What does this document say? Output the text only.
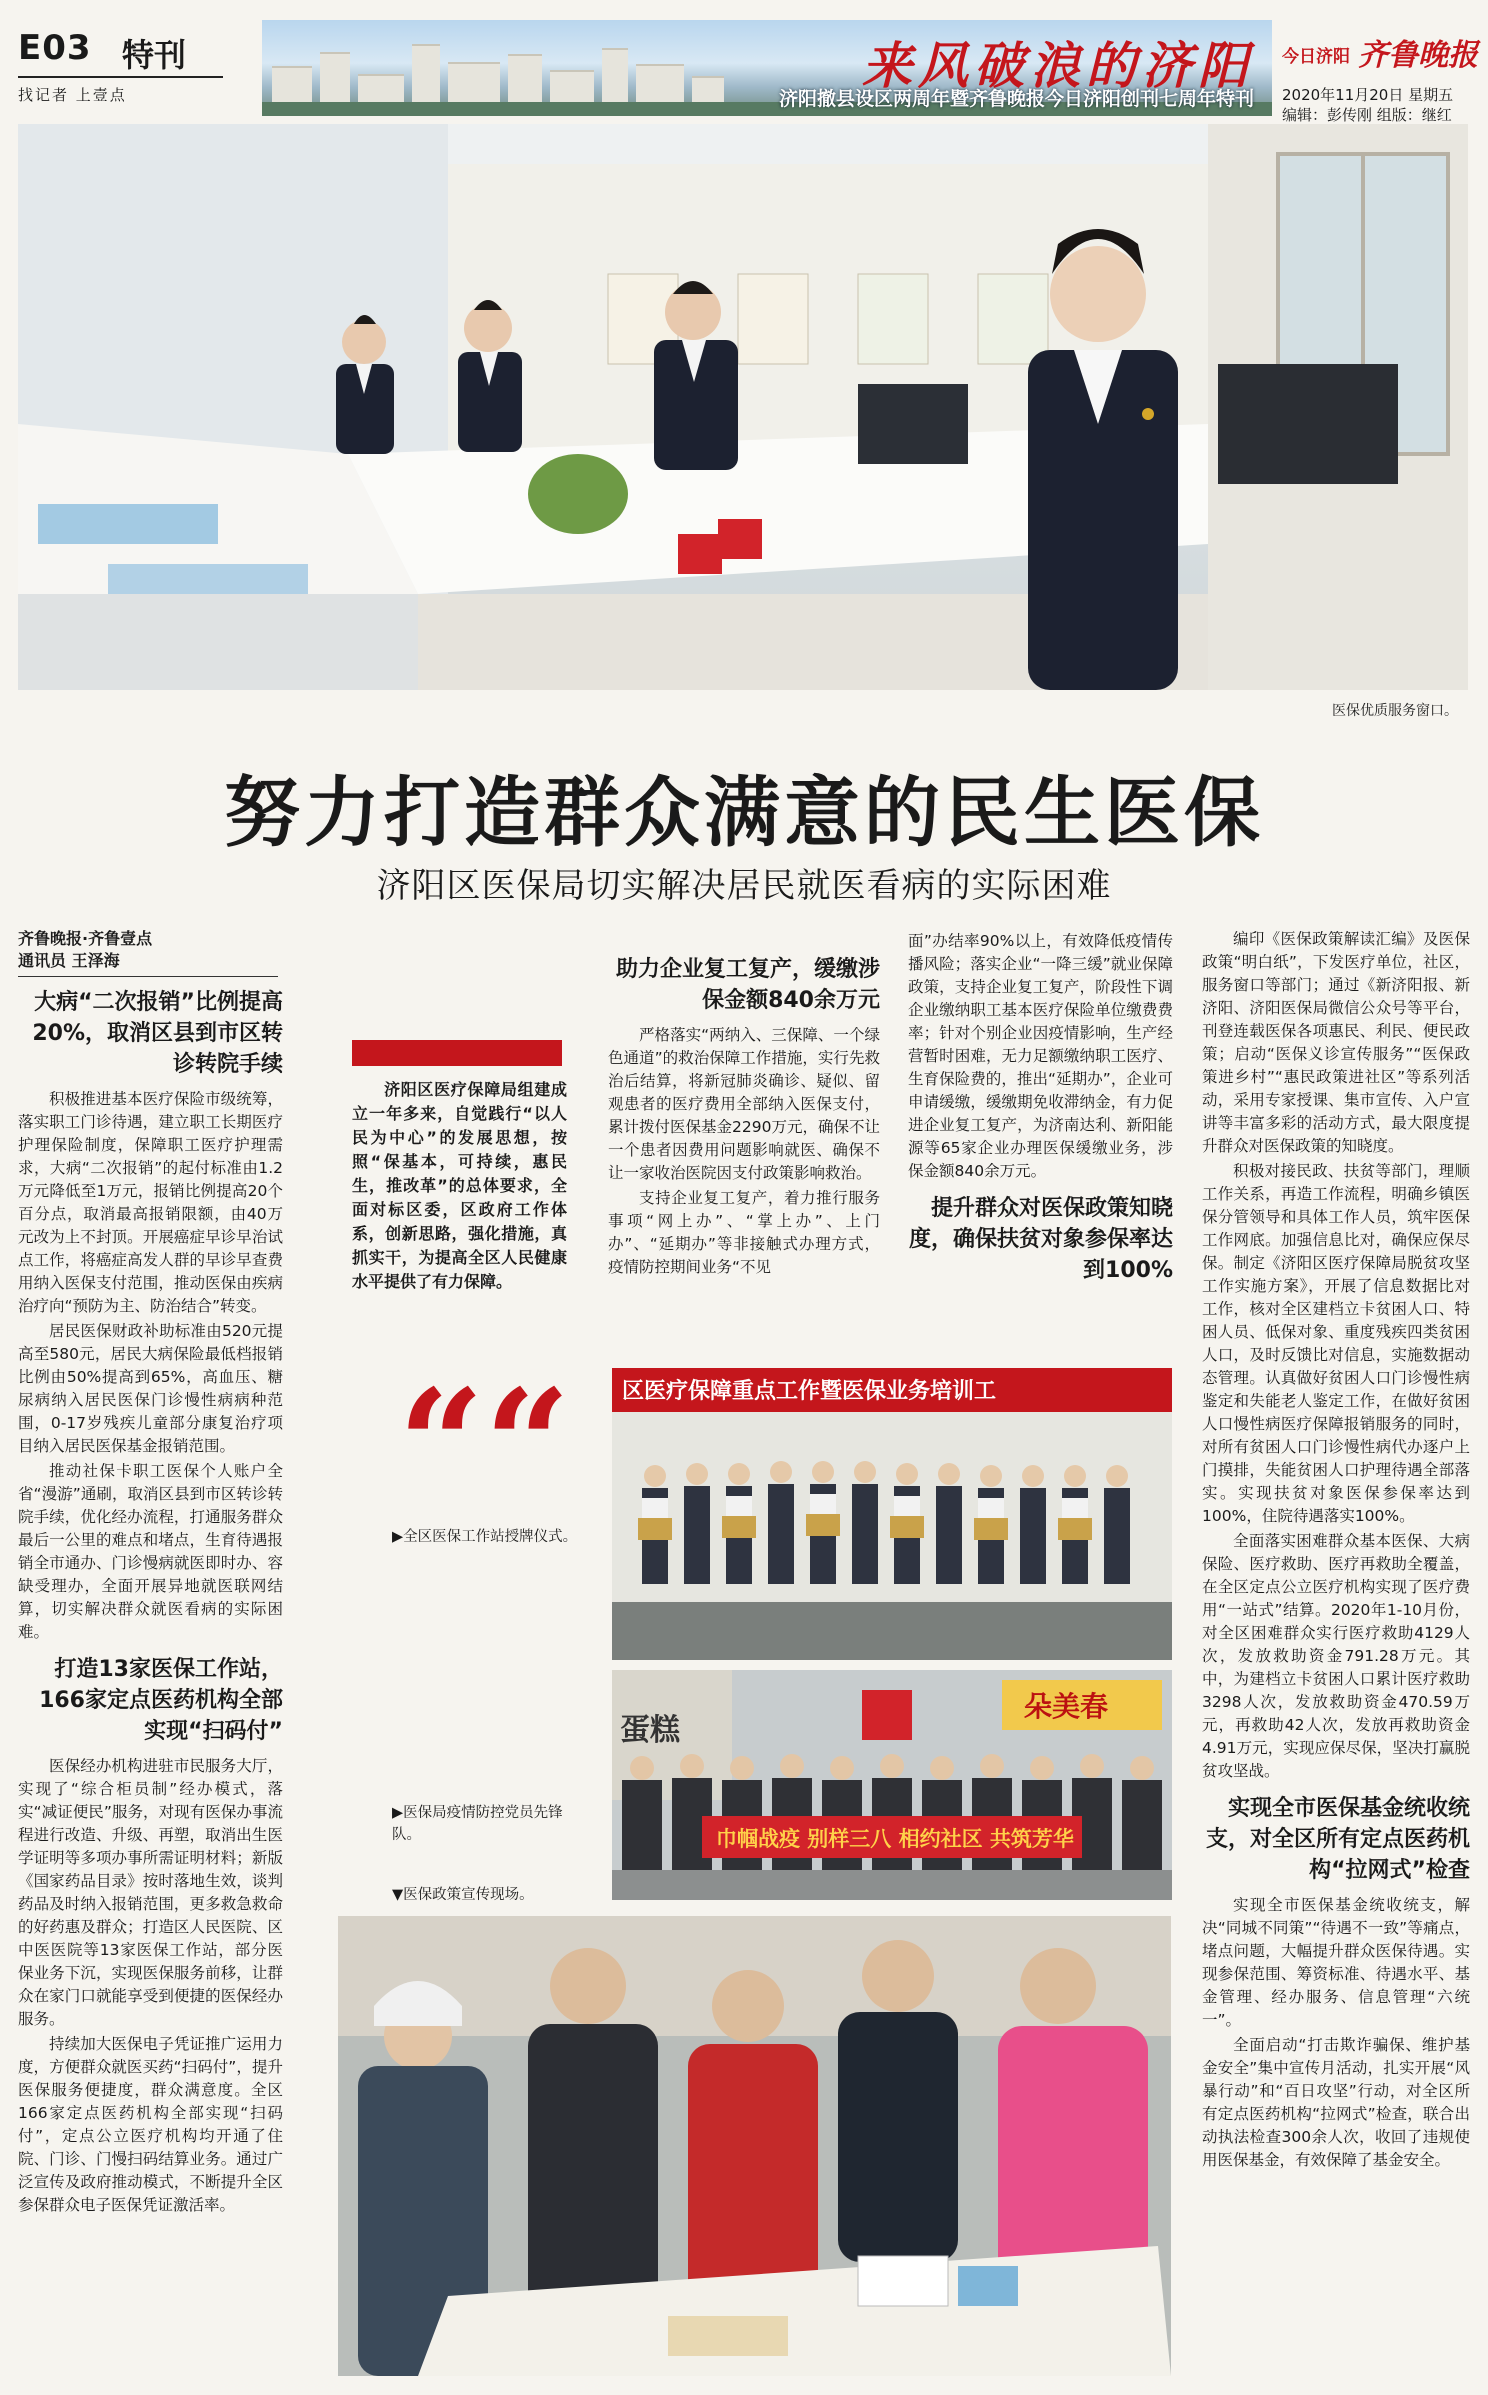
E03 特刊
找记者 上壹点	来风破浪的济阳
济阳撤县设区两周年暨齐鲁晚报今日济阳创刊七周年特刊
今日济阳 齐鲁晚报
2020年11月20日 星期五
编辑：彭传刚 组版：继红
医保优质服务窗口。
努力打造群众满意的民生医保
济阳区医保局切实解决居民就医看病的实际困难
齐鲁晚报·齐鲁壹点
通讯员 王泽海
大病“二次报销”比例提高20%，取消区县到市区转诊转院手续

积极推进基本医疗保险市级统筹，落实职工门诊待遇，建立职工长期医疗护理保险制度，保障职工医疗护理需求，大病“二次报销”的起付标准由1.2万元降低至1万元，报销比例提高20个百分点，取消最高报销限额，由40万元改为上不封顶。开展癌症早诊早治试点工作，将癌症高发人群的早诊早查费用纳入医保支付范围，推动医保由疾病治疗向“预防为主、防治结合”转变。

居民医保财政补助标准由520元提高至580元，居民大病保险最低档报销比例由50%提高到65%，高血压、糖尿病纳入居民医保门诊慢性病病种范围，0-17岁残疾儿童部分康复治疗项目纳入居民医保基金报销范围。

推动社保卡职工医保个人账户全省“漫游”通刷，取消区县到市区转诊转院手续，优化经办流程，打通服务群众最后一公里的难点和堵点，生育待遇报销全市通办、门诊慢病就医即时办、容缺受理办，全面开展异地就医联网结算，切实解决群众就医看病的实际困难。

打造13家医保工作站，166家定点医药机构全部实现“扫码付”

医保经办机构进驻市民服务大厅，实现了“综合柜员制”经办模式，落实“减证便民”服务，对现有医保办事流程进行改造、升级、再塑，取消出生医学证明等多项办事所需证明材料；新版《国家药品目录》按时落地生效，谈判药品及时纳入报销范围，更多救急救命的好药惠及群众；打造区人民医院、区中医医院等13家医保工作站，部分医保业务下沉，实现医保服务前移，让群众在家门口就能享受到便捷的医保经办服务。

持续加大医保电子凭证推广运用力度，方便群众就医买药“扫码付”，提升医保服务便捷度，群众满意度。全区166家定点医药机构全部实现“扫码付”，定点公立医疗机构均开通了住院、门诊、门慢扫码结算业务。通过广泛宣传及政府推动模式，不断提升全区参保群众电子医保凭证激活率。

济阳区医疗保障局组建成立一年多来，自觉践行“以人民为中心”的发展思想，按照“保基本，可持续，惠民生，推改革”的总体要求，全面对标区委，区政府工作体系，创新思路，强化措施，真抓实干，为提高全区人民健康水平提供了有力保障。

““
▶全区医保工作站授牌仪式。
▶医保局疫情防控党员先锋队。
▼医保政策宣传现场。
助力企业复工复产，缓缴涉保金额840余万元

严格落实“两纳入、三保障、一个绿色通道”的救治保障工作措施，实行先救治后结算，将新冠肺炎确诊、疑似、留观患者的医疗费用全部纳入医保支付，累计拨付医保基金2290万元，确保不让一个患者因费用问题影响就医、确保不让一家收治医院因支付政策影响救治。

支持企业复工复产，着力推行服务事项“网上办”、“掌上办”、上门办”、“延期办”等非接触式办理方式，疫情防控期间业务“不见

面”办结率90%以上，有效降低疫情传播风险；落实企业“一降三缓”就业保障政策，支持企业复工复产，阶段性下调企业缴纳职工基本医疗保险单位缴费费率；针对个别企业因疫情影响，生产经营暂时困难，无力足额缴纳职工医疗、生育保险费的，推出“延期办”，企业可申请缓缴，缓缴期免收滞纳金，有力促进企业复工复产，为济南达利、新阳能源等65家企业办理医保缓缴业务，涉保金额840余万元。

提升群众对医保政策知晓度，确保扶贫对象参保率达到100%

编印《医保政策解读汇编》及医保政策“明白纸”，下发医疗单位，社区，服务窗口等部门；通过《新济阳报、新济阳、济阳医保局微信公众号等平台，刊登连载医保各项惠民、利民、便民政策；启动“医保义诊宣传服务”“医保政策进乡村”“惠民政策进社区”等系列活动，采用专家授课、集市宣传、入户宣讲等丰富多彩的活动方式，最大限度提升群众对医保政策的知晓度。

积极对接民政、扶贫等部门，理顺工作关系，再造工作流程，明确乡镇医保分管领导和具体工作人员，筑牢医保工作网底。加强信息比对，确保应保尽保。制定《济阳区医疗保障局脱贫攻坚工作实施方案》，开展了信息数据比对工作，核对全区建档立卡贫困人口、特困人员、低保对象、重度残疾四类贫困人口，及时反馈比对信息，实施数据动态管理。认真做好贫困人口门诊慢性病鉴定和失能老人鉴定工作，在做好贫困人口慢性病医疗保障报销服务的同时，对所有贫困人口门诊慢性病代办逐户上门摸排，失能贫困人口护理待遇全部落实。实现扶贫对象医保参保率达到100%，住院待遇落实100%。

全面落实困难群众基本医保、大病保险、医疗救助、医疗再救助全覆盖，在全区定点公立医疗机构实现了医疗费用“一站式”结算。2020年1-10月份，对全区困难群众实行医疗救助4129人次，发放救助资金791.28万元。其中，为建档立卡贫困人口累计医疗救助3298人次，发放救助资金470.59万元，再救助42人次，发放再救助资金4.91万元，实现应保尽保，坚决打赢脱贫攻坚战。

实现全市医保基金统收统支，对全区所有定点医药机构“拉网式”检查

实现全市医保基金统收统支，解决“同城不同策”“待遇不一致”等痛点，堵点问题，大幅提升群众医保待遇。实现参保范围、筹资标准、待遇水平、基金管理、经办服务、信息管理“六统一”。

全面启动“打击欺诈骗保、维护基金安全”集中宣传月活动，扎实开展“风暴行动”和“百日攻坚”行动，对全区所有定点医药机构“拉网式”检查，联合出动执法检查300余人次，收回了违规使用医保基金，有效保障了基金安全。

区医疗保障重点工作暨医保业务培训工
蛋糕
朵美春
巾帼战疫 别样三八 相约社区 共筑芳华
